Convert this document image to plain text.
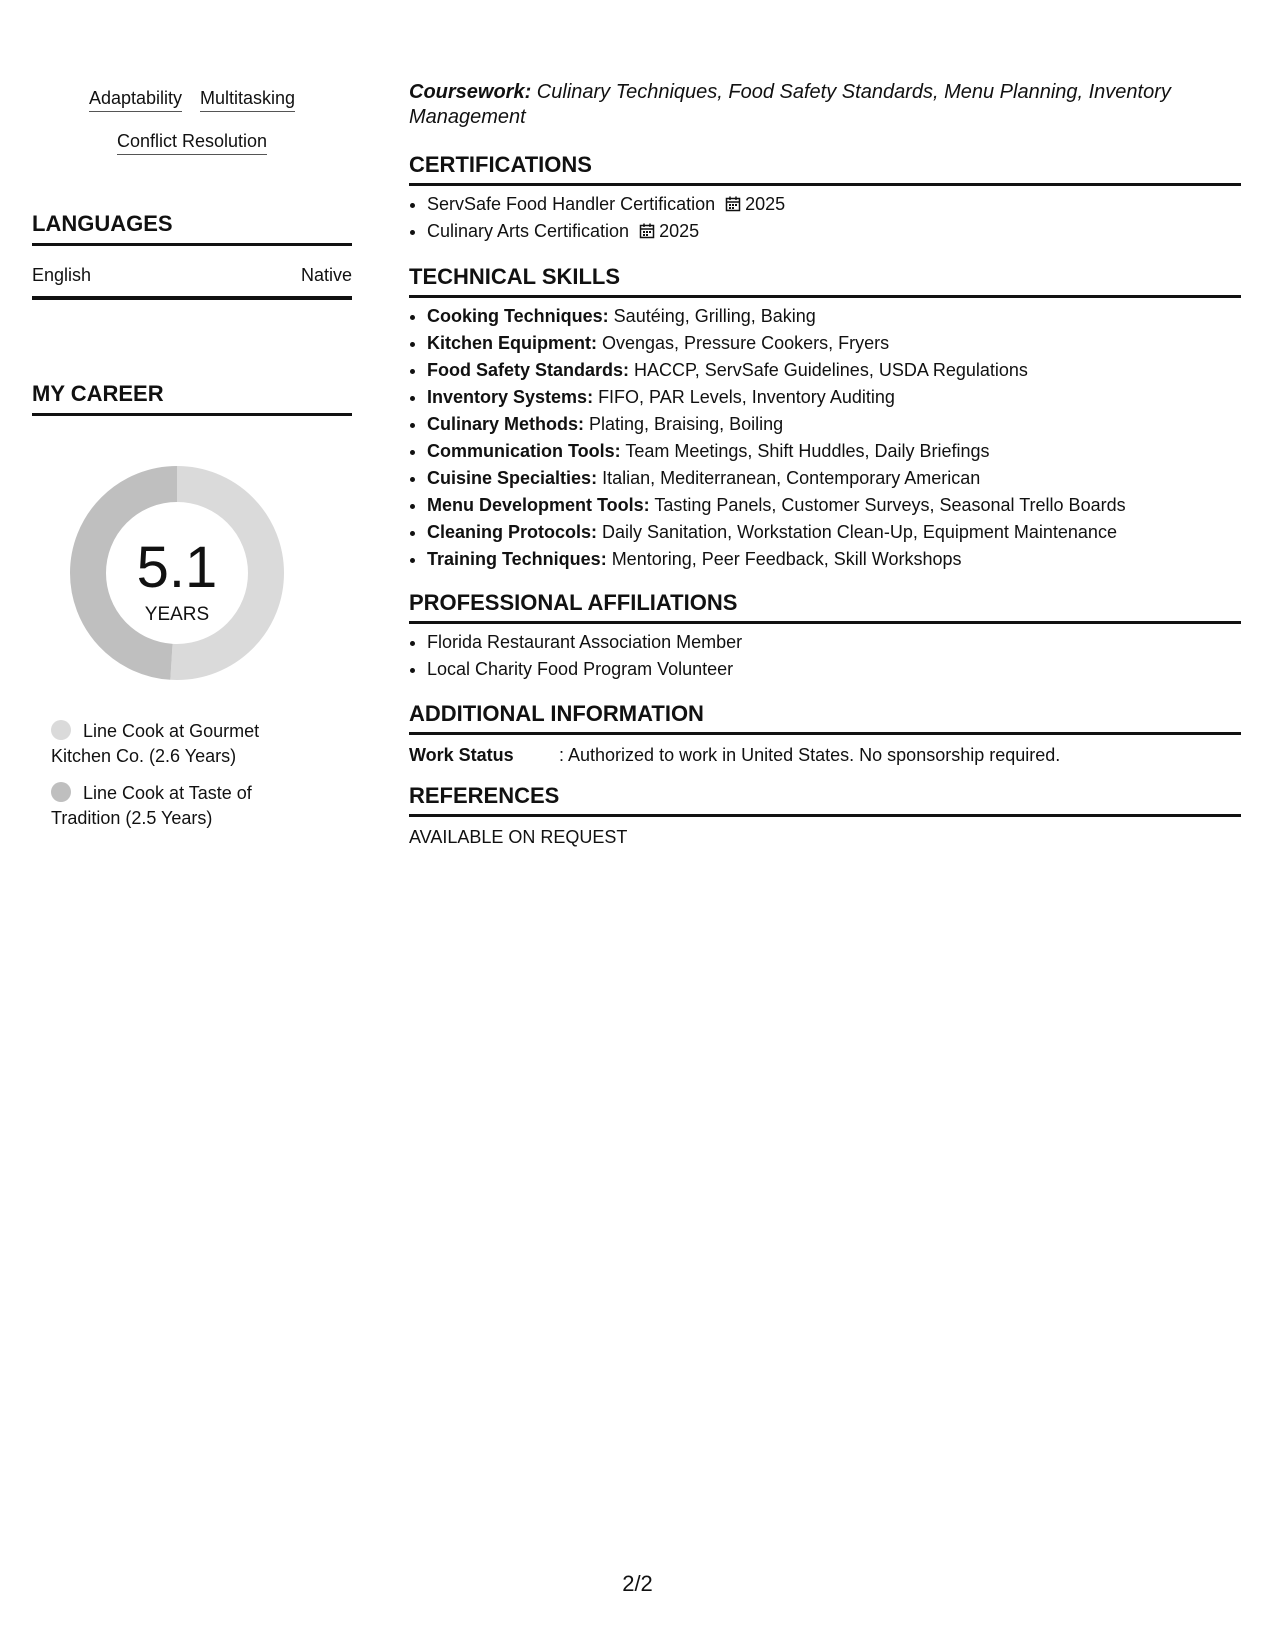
Adaptability Multitasking
Conflict Resolution
LANGUAGES
English	Native
MY CAREER
5.1
YEARS
Line Cook at Gourmet Kitchen Co. (2.6 Years)
Line Cook at Taste of Tradition (2.5 Years)
Coursework: Culinary Techniques, Food Safety Standards, Menu Planning, Inventory Management
CERTIFICATIONS
• ServSafe Food Handler Certification 2025
• Culinary Arts Certification 2025
TECHNICAL SKILLS
• Cooking Techniques: Sautéing, Grilling, Baking
• Kitchen Equipment: Ovengas, Pressure Cookers, Fryers
• Food Safety Standards: HACCP, ServSafe Guidelines, USDA Regulations
• Inventory Systems: FIFO, PAR Levels, Inventory Auditing
• Culinary Methods: Plating, Braising, Boiling
• Communication Tools: Team Meetings, Shift Huddles, Daily Briefings
• Cuisine Specialties: Italian, Mediterranean, Contemporary American
• Menu Development Tools: Tasting Panels, Customer Surveys, Seasonal Trello Boards
• Cleaning Protocols: Daily Sanitation, Workstation Clean-Up, Equipment Maintenance
• Training Techniques: Mentoring, Peer Feedback, Skill Workshops
PROFESSIONAL AFFILIATIONS
• Florida Restaurant Association Member
• Local Charity Food Program Volunteer
ADDITIONAL INFORMATION
Work Status	: Authorized to work in United States. No sponsorship required.
REFERENCES
AVAILABLE ON REQUEST
2/2
